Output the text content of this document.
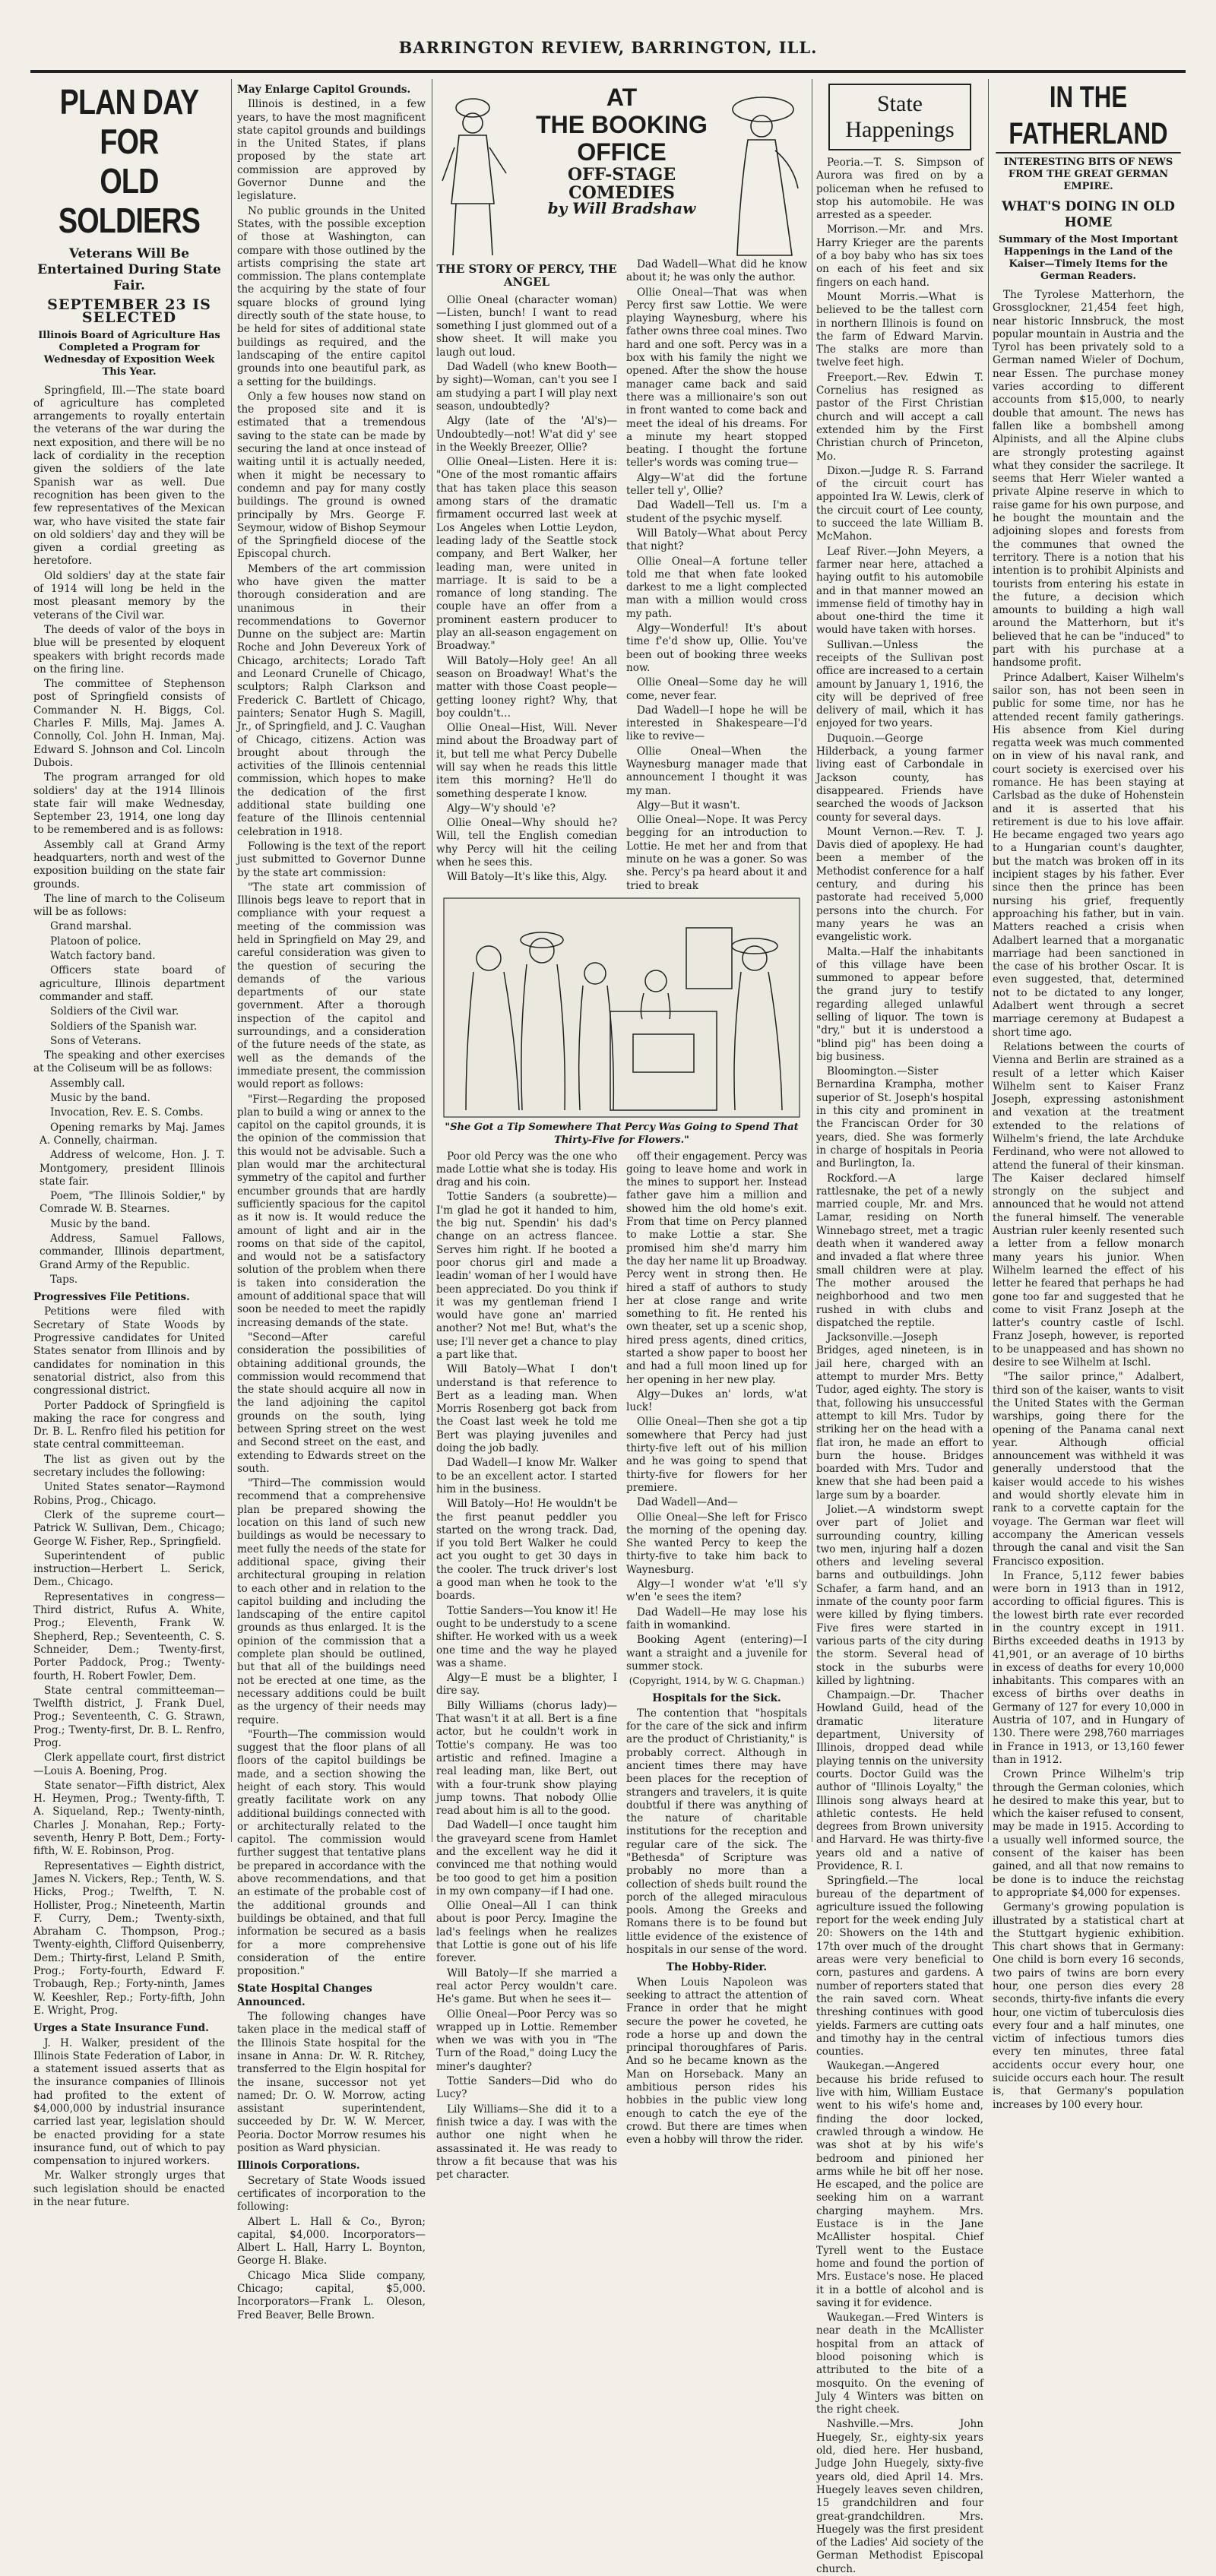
BARRINGTON REVIEW, BARRINGTON, ILL.
PLAN DAY FOR
OLD SOLDIERS
Veterans Will Be Entertained During State Fair.
SEPTEMBER 23 IS SELECTED
Illinois Board of Agriculture Has Completed a Program for Wednesday of Exposition Week This Year.

Springfield, Ill.—The state board of agriculture has completed arrangements to royally entertain the veterans of the war during the next exposition, and there will be no lack of cordiality in the reception given the soldiers of the late Spanish war as well. Due recognition has been given to the few representatives of the Mexican war, who have visited the state fair on old soldiers' day and they will be given a cordial greeting as heretofore.

Old soldiers' day at the state fair of 1914 will long be held in the most pleasant memory by the veterans of the Civil war.

The deeds of valor of the boys in blue will be presented by eloquent speakers with bright records made on the firing line.

The committee of Stephenson post of Springfield consists of Commander N. H. Biggs, Col. Charles F. Mills, Maj. James A. Connolly, Col. John H. Inman, Maj. Edward S. Johnson and Col. Lincoln Dubois.

The program arranged for old soldiers' day at the 1914 Illinois state fair will make Wednesday, September 23, 1914, one long day to be remembered and is as follows:

Assembly call at Grand Army headquarters, north and west of the exposition building on the state fair grounds.

The line of march to the Coliseum will be as follows:

Grand marshal.

Platoon of police.

Watch factory band.

Officers state board of agriculture, Illinois department commander and staff.

Soldiers of the Civil war.

Soldiers of the Spanish war.

Sons of Veterans.

The speaking and other exercises at the Coliseum will be as follows:

Assembly call.

Music by the band.

Invocation, Rev. E. S. Combs.

Opening remarks by Maj. James A. Connelly, chairman.

Address of welcome, Hon. J. T. Montgomery, president Illinois state fair.

Poem, "The Illinois Soldier," by Comrade W. B. Stearnes.

Music by the band.

Address, Samuel Fallows, commander, Illinois department, Grand Army of the Republic.

Taps.

Progressives File Petitions.

Petitions were filed with Secretary of State Woods by Progressive candidates for United States senator from Illinois and by candidates for nomination in this senatorial district, also from this congressional district.

Porter Paddock of Springfield is making the race for congress and Dr. B. L. Renfro filed his petition for state central committeeman.

The list as given out by the secretary includes the following:

United States senator—Raymond Robins, Prog., Chicago.

Clerk of the supreme court—Patrick W. Sullivan, Dem., Chicago; George W. Fisher, Rep., Springfield.

Superintendent of public instruction—Herbert L. Serick, Dem., Chicago.

Representatives in congress—Third district, Rufus A. White, Prog.; Eleventh, Frank W. Shepherd, Rep.; Seventeenth, C. S. Schneider, Dem.; Twenty-first, Porter Paddock, Prog.; Twenty-fourth, H. Robert Fowler, Dem.

State central committeeman—Twelfth district, J. Frank Duel, Prog.; Seventeenth, C. G. Strawn, Prog.; Twenty-first, Dr. B. L. Renfro, Prog.

Clerk appellate court, first district—Louis A. Boening, Prog.

State senator—Fifth district, Alex H. Heymen, Prog.; Twenty-fifth, T. A. Siqueland, Rep.; Twenty-ninth, Charles J. Monahan, Rep.; Forty-seventh, Henry P. Bott, Dem.; Forty-fifth, W. E. Robinson, Prog.

Representatives — Eighth district, James N. Vickers, Rep.; Tenth, W. S. Hicks, Prog.; Twelfth, T. N. Hollister, Prog.; Nineteenth, Martin F. Curry, Dem.; Twenty-sixth, Abraham C. Thompson, Prog.; Twenty-eighth, Clifford Quisenberry, Dem.; Thirty-first, Leland P. Smith, Prog.; Forty-fourth, Edward F. Trobaugh, Rep.; Forty-ninth, James W. Keeshler, Rep.; Forty-fifth, John E. Wright, Prog.

Urges a State Insurance Fund.

J. H. Walker, president of the Illinois State Federation of Labor, in a statement issued asserts that as the insurance companies of Illinois had profited to the extent of $4,000,000 by industrial insurance carried last year, legislation should be enacted providing for a state insurance fund, out of which to pay compensation to injured workers.

Mr. Walker strongly urges that such legislation should be enacted in the near future.

May Enlarge Capitol Grounds.

Illinois is destined, in a few years, to have the most magnificent state capitol grounds and buildings in the United States, if plans proposed by the state art commission are approved by Governor Dunne and the legislature.

No public grounds in the United States, with the possible exception of those at Washington, can compare with those outlined by the artists comprising the state art commission. The plans contemplate the acquiring by the state of four square blocks of ground lying directly south of the state house, to be held for sites of additional state buildings as required, and the landscaping of the entire capitol grounds into one beautiful park, as a setting for the buildings.

Only a few houses now stand on the proposed site and it is estimated that a tremendous saving to the state can be made by securing the land at once instead of waiting until it is actually needed, when it might be necessary to condemn and pay for many costly buildings. The ground is owned principally by Mrs. George F. Seymour, widow of Bishop Seymour of the Springfield diocese of the Episcopal church.

Members of the art commission who have given the matter thorough consideration and are unanimous in their recommendations to Governor Dunne on the subject are: Martin Roche and John Devereux York of Chicago, architects; Lorado Taft and Leonard Crunelle of Chicago, sculptors; Ralph Clarkson and Frederick C. Bartlett of Chicago, painters; Senator Hugh S. Magill, Jr., of Springfield, and J. C. Vaughan of Chicago, citizens. Action was brought about through the activities of the Illinois centennial commission, which hopes to make the dedication of the first additional state building one feature of the Illinois centennial celebration in 1918.

Following is the text of the report just submitted to Governor Dunne by the state art commission:

"The state art commission of Illinois begs leave to report that in compliance with your request a meeting of the commission was held in Springfield on May 29, and careful consideration was given to the question of securing the demands of the various departments of our state government. After a thorough inspection of the capitol and surroundings, and a consideration of the future needs of the state, as well as the demands of the immediate present, the commission would report as follows:

"First—Regarding the proposed plan to build a wing or annex to the capitol on the capitol grounds, it is the opinion of the commission that this would not be advisable. Such a plan would mar the architectural symmetry of the capitol and further encumber grounds that are hardly sufficiently spacious for the capitol as it now is. It would reduce the amount of light and air in the rooms on that side of the capitol, and would not be a satisfactory solution of the problem when there is taken into consideration the amount of additional space that will soon be needed to meet the rapidly increasing demands of the state.

"Second—After careful consideration the possibilities of obtaining additional grounds, the commission would recommend that the state should acquire all now in the land adjoining the capitol grounds on the south, lying between Spring street on the west and Second street on the east, and extending to Edwards street on the south.

"Third—The commission would recommend that a comprehensive plan be prepared showing the location on this land of such new buildings as would be necessary to meet fully the needs of the state for additional space, giving their architectural grouping in relation to each other and in relation to the capitol building and including the landscaping of the entire capitol grounds as thus enlarged. It is the opinion of the commission that a complete plan should be outlined, but that all of the buildings need not be erected at one time, as the necessary additions could be built as the urgency of their needs may require.

"Fourth—The commission would suggest that the floor plans of all floors of the capitol buildings be made, and a section showing the height of each story. This would greatly facilitate work on any additional buildings connected with or architecturally related to the capitol. The commission would further suggest that tentative plans be prepared in accordance with the above recommendations, and that an estimate of the probable cost of the additional grounds and buildings be obtained, and that full information be secured as a basis for a more comprehensive consideration of the entire proposition."

State Hospital Changes Announced.

The following changes have taken place in the medical staff of the Illinois State hospital for the insane in Anna: Dr. W. R. Ritchey, transferred to the Elgin hospital for the insane, successor not yet named; Dr. O. W. Morrow, acting assistant superintendent, succeeded by Dr. W. W. Mercer, Peoria. Doctor Morrow resumes his position as Ward physician.

Illinois Corporations.

Secretary of State Woods issued certificates of incorporation to the following:

Albert L. Hall & Co., Byron; capital, $4,000. Incorporators—Albert L. Hall, Harry L. Boynton, George H. Blake.

Chicago Mica Slide company, Chicago; capital, $5,000. Incorporators—Frank L. Oleson, Fred Beaver, Belle Brown.

AT
THE BOOKING
OFFICE
OFF-STAGE
COMEDIES
by Will Bradshaw
THE STORY OF PERCY, THE ANGEL

Ollie Oneal (character woman)—Listen, bunch! I want to read something I just glommed out of a show sheet. It will make you laugh out loud.

Dad Wadell (who knew Booth—by sight)—Woman, can't you see I am studying a part I will play next season, undoubtedly?

Algy (late of the 'Al's)—Undoubtedly—not! W'at did y' see in the Weekly Breezer, Ollie?

Ollie Oneal—Listen. Here it is: "One of the most romantic affairs that has taken place this season among stars of the dramatic firmament occurred last week at Los Angeles when Lottie Leydon, leading lady of the Seattle stock company, and Bert Walker, her leading man, were united in marriage. It is said to be a romance of long standing. The couple have an offer from a prominent eastern producer to play an all-season engagement on Broadway."

Will Batoly—Holy gee! An all season on Broadway! What's the matter with those Coast people—getting looney right? Why, that boy couldn't…

Ollie Oneal—Hist, Will. Never mind about the Broadway part of it, but tell me what Percy Dubelle will say when he reads this little item this morning? He'll do something desperate I know.

Algy—W'y should 'e?

Ollie Oneal—Why should he? Will, tell the English comedian why Percy will hit the ceiling when he sees this.

Will Batoly—It's like this, Algy.

Dad Wadell—What did he know about it; he was only the author.

Ollie Oneal—That was when Percy first saw Lottie. We were playing Waynesburg, where his father owns three coal mines. Two hard and one soft. Percy was in a box with his family the night we opened. After the show the house manager came back and said there was a millionaire's son out in front wanted to come back and meet the ideal of his dreams. For a minute my heart stopped beating. I thought the fortune teller's words was coming true—

Algy—W'at did the fortune teller tell y', Ollie?

Dad Wadell—Tell us. I'm a student of the psychic myself.

Will Batoly—What about Percy that night?

Ollie Oneal—A fortune teller told me that when fate looked darkest to me a light complected man with a million would cross my path.

Algy—Wonderful! It's about time f'e'd show up, Ollie. You've been out of booking three weeks now.

Ollie Oneal—Some day he will come, never fear.

Dad Wadell—I hope he will be interested in Shakespeare—I'd like to revive—

Ollie Oneal—When the Waynesburg manager made that announcement I thought it was my man.

Algy—But it wasn't.

Ollie Oneal—Nope. It was Percy begging for an introduction to Lottie. He met her and from that minute on he was a goner. So was she. Percy's pa heard about it and tried to break

"She Got a Tip Somewhere That Percy Was Going to Spend That Thirty-Five for Flowers."

Poor old Percy was the one who made Lottie what she is today. His drag and his coin.

Tottie Sanders (a soubrette)—I'm glad he got it handed to him, the big nut. Spendin' his dad's change on an actress flancee. Serves him right. If he booted a poor chorus girl and made a leadin' woman of her I would have been appreciated. Do you think if it was my gentleman friend I would have gone an' married another? Not me! But, what's the use; I'll never get a chance to play a part like that.

Will Batoly—What I don't understand is that reference to Bert as a leading man. When Morris Rosenberg got back from the Coast last week he told me Bert was playing juveniles and doing the job badly.

Dad Wadell—I know Mr. Walker to be an excellent actor. I started him in the business.

Will Batoly—Ho! He wouldn't be the first peanut peddler you started on the wrong track. Dad, if you told Bert Walker he could act you ought to get 30 days in the cooler. The truck driver's lost a good man when he took to the boards.

Tottie Sanders—You know it! He ought to be understudy to a scene shifter. He worked with us a week one time and the way he played was a shame.

Algy—E must be a blighter, I dire say.

Billy Williams (chorus lady)—That wasn't it at all. Bert is a fine actor, but he couldn't work in Tottie's company. He was too artistic and refined. Imagine a real leading man, like Bert, out with a four-trunk show playing jump towns. That nobody Ollie read about him is all to the good.

Dad Wadell—I once taught him the graveyard scene from Hamlet and the excellent way he did it convinced me that nothing would be too good to get him a position in my own company—if I had one.

Ollie Oneal—All I can think about is poor Percy. Imagine the lad's feelings when he realizes that Lottie is gone out of his life forever.

Will Batoly—If she married a real actor Percy wouldn't care. He's game. But when he sees it—

Ollie Oneal—Poor Percy was so wrapped up in Lottie. Remember when we was with you in "The Turn of the Road," doing Lucy the miner's daughter?

Tottie Sanders—Did who do Lucy?

Lily Williams—She did it to a finish twice a day. I was with the author one night when he assassinated it. He was ready to throw a fit because that was his pet character.

off their engagement. Percy was going to leave home and work in the mines to support her. Instead father gave him a million and showed him the old home's exit. From that time on Percy planned to make Lottie a star. She promised him she'd marry him the day her name lit up Broadway. Percy went in strong then. He hired a staff of authors to study her at close range and write something to fit. He rented his own theater, set up a scenic shop, hired press agents, dined critics, started a show paper to boost her and had a full moon lined up for her opening in her new play.

Algy—Dukes an' lords, w'at luck!

Ollie Oneal—Then she got a tip somewhere that Percy had just thirty-five left out of his million and he was going to spend that thirty-five for flowers for her premiere.

Dad Wadell—And—

Ollie Oneal—She left for Frisco the morning of the opening day. She wanted Percy to keep the thirty-five to take him back to Waynesburg.

Algy—I wonder w'at 'e'll s'y w'en 'e sees the item?

Dad Wadell—He may lose his faith in womankind.

Booking Agent (entering)—I want a straight and a juvenile for summer stock.

(Copyright, 1914, by W. G. Chapman.)
Hospitals for the Sick.

The contention that "hospitals for the care of the sick and infirm are the product of Christianity," is probably correct. Although in ancient times there may have been places for the reception of strangers and travelers, it is quite doubtful if there was anything of the nature of charitable institutions for the reception and regular care of the sick. The "Bethesda" of Scripture was probably no more than a collection of sheds built round the porch of the alleged miraculous pools. Among the Greeks and Romans there is to be found but little evidence of the existence of hospitals in our sense of the word.

The Hobby-Rider.

When Louis Napoleon was seeking to attract the attention of France in order that he might secure the power he coveted, he rode a horse up and down the principal thoroughfares of Paris. And so he became known as the Man on Horseback. Many an ambitious person rides his hobbies in the public view long enough to catch the eye of the crowd. But there are times when even a hobby will throw the rider.

State
Happenings

Peoria.—T. S. Simpson of Aurora was fired on by a policeman when he refused to stop his automobile. He was arrested as a speeder.

Morrison.—Mr. and Mrs. Harry Krieger are the parents of a boy baby who has six toes on each of his feet and six fingers on each hand.

Mount Morris.—What is believed to be the tallest corn in northern Illinois is found on the farm of Edward Marvin. The stalks are more than twelve feet high.

Freeport.—Rev. Edwin T. Cornelius has resigned as pastor of the First Christian church and will accept a call extended him by the First Christian church of Princeton, Mo.

Dixon.—Judge R. S. Farrand of the circuit court has appointed Ira W. Lewis, clerk of the circuit court of Lee county, to succeed the late William B. McMahon.

Leaf River.—John Meyers, a farmer near here, attached a haying outfit to his automobile and in that manner mowed an immense field of timothy hay in about one-third the time it would have taken with horses.

Sullivan.—Unless the receipts of the Sullivan post office are increased to a certain amount by January 1, 1916, the city will be deprived of free delivery of mail, which it has enjoyed for two years.

Duquoin.—George Hilderback, a young farmer living east of Carbondale in Jackson county, has disappeared. Friends have searched the woods of Jackson county for several days.

Mount Vernon.—Rev. T. J. Davis died of apoplexy. He had been a member of the Methodist conference for a half century, and during his pastorate had received 5,000 persons into the church. For many years he was an evangelistic work.

Malta.—Half the inhabitants of this village have been summoned to appear before the grand jury to testify regarding alleged unlawful selling of liquor. The town is "dry," but it is understood a "blind pig" has been doing a big business.

Bloomington.—Sister Bernardina Krampha, mother superior of St. Joseph's hospital in this city and prominent in the Franciscan Order for 30 years, died. She was formerly in charge of hospitals in Peoria and Burlington, Ia.

Rockford.—A large rattlesnake, the pet of a newly married couple, Mr. and Mrs. Lamar, residing on North Winnebago street, met a tragic death when it wandered away and invaded a flat where three small children were at play. The mother aroused the neighborhood and two men rushed in with clubs and dispatched the reptile.

Jacksonville.—Joseph Bridges, aged nineteen, is in jail here, charged with an attempt to murder Mrs. Betty Tudor, aged eighty. The story is that, following his unsuccessful attempt to kill Mrs. Tudor by striking her on the head with a flat iron, he made an effort to burn the house. Bridges boarded with Mrs. Tudor and knew that she had been paid a large sum by a boarder.

Joliet.—A windstorm swept over part of Joliet and surrounding country, killing two men, injuring half a dozen others and leveling several barns and outbuildings. John Schafer, a farm hand, and an inmate of the county poor farm were killed by flying timbers. Five fires were started in various parts of the city during the storm. Several head of stock in the suburbs were killed by lightning.

Champaign.—Dr. Thacher Howland Guild, head of the dramatic literature department, University of Illinois, dropped dead while playing tennis on the university courts. Doctor Guild was the author of "Illinois Loyalty," the Illinois song always heard at athletic contests. He held degrees from Brown university and Harvard. He was thirty-five years old and a native of Providence, R. I.

Springfield.—The local bureau of the department of agriculture issued the following report for the week ending July 20: Showers on the 14th and 17th over much of the drought areas were very beneficial to corn, pastures and gardens. A number of reporters stated that the rain saved corn. Wheat threshing continues with good yields. Farmers are cutting oats and timothy hay in the central counties.

Waukegan.—Angered because his bride refused to live with him, William Eustace went to his wife's home and, finding the door locked, crawled through a window. He was shot at by his wife's bedroom and pinioned her arms while he bit off her nose. He escaped, and the police are seeking him on a warrant charging mayhem. Mrs. Eustace is in the Jane McAllister hospital. Chief Tyrell went to the Eustace home and found the portion of Mrs. Eustace's nose. He placed it in a bottle of alcohol and is saving it for evidence.

Waukegan.—Fred Winters is near death in the McAllister hospital from an attack of blood poisoning which is attributed to the bite of a mosquito. On the evening of July 4 Winters was bitten on the right cheek.

Nashville.—Mrs. John Huegely, Sr., eighty-six years old, died here. Her husband, Judge John Huegely, sixty-five years old, died April 14. Mrs. Huegely leaves seven children, 15 grandchildren and four great-grandchildren. Mrs. Huegely was the first president of the Ladies' Aid society of the German Methodist Episcopal church.

IN THE FATHERLAND
INTERESTING BITS OF NEWS FROM THE GREAT GERMAN EMPIRE.
WHAT'S DOING IN OLD HOME
Summary of the Most Important Happenings in the Land of the Kaiser—Timely Items for the German Readers.

The Tyrolese Matterhorn, the Grossglockner, 21,454 feet high, near historic Innsbruck, the most popular mountain in Austria and the Tyrol has been privately sold to a German named Wieler of Dochum, near Essen. The purchase money varies according to different accounts from $15,000, to nearly double that amount. The news has fallen like a bombshell among Alpinists, and all the Alpine clubs are strongly protesting against what they consider the sacrilege. It seems that Herr Wieler wanted a private Alpine reserve in which to raise game for his own purpose, and he bought the mountain and the adjoining slopes and forests from the communes that owned the territory. There is a notion that his intention is to prohibit Alpinists and tourists from entering his estate in the future, a decision which amounts to building a high wall around the Matterhorn, but it's believed that he can be "induced" to part with his purchase at a handsome profit.

Prince Adalbert, Kaiser Wilhelm's sailor son, has not been seen in public for some time, nor has he attended recent family gatherings. His absence from Kiel during regatta week was much commented on in view of his naval rank, and court society is exercised over his romance. He has been staying at Carlsbad as the duke of Hohenstein and it is asserted that his retirement is due to his love affair. He became engaged two years ago to a Hungarian count's daughter, but the match was broken off in its incipient stages by his father. Ever since then the prince has been nursing his grief, frequently approaching his father, but in vain. Matters reached a crisis when Adalbert learned that a morganatic marriage had been sanctioned in the case of his brother Oscar. It is even suggested, that, determined not to be dictated to any longer, Adalbert went through a secret marriage ceremony at Budapest a short time ago.

Relations between the courts of Vienna and Berlin are strained as a result of a letter which Kaiser Wilhelm sent to Kaiser Franz Joseph, expressing astonishment and vexation at the treatment extended to the relations of Wilhelm's friend, the late Archduke Ferdinand, who were not allowed to attend the funeral of their kinsman. The Kaiser declared himself strongly on the subject and announced that he would not attend the funeral himself. The venerable Austrian ruler keenly resented such a letter from a fellow monarch many years his junior. When Wilhelm learned the effect of his letter he feared that perhaps he had gone too far and suggested that he come to visit Franz Joseph at the latter's country castle of Ischl. Franz Joseph, however, is reported to be unappeased and has shown no desire to see Wilhelm at Ischl.

"The sailor prince," Adalbert, third son of the kaiser, wants to visit the United States with the German warships, going there for the opening of the Panama canal next year. Although official announcement was withheld it was generally understood that the kaiser would accede to his wishes and would shortly elevate him in rank to a corvette captain for the voyage. The German war fleet will accompany the American vessels through the canal and visit the San Francisco exposition.

In France, 5,112 fewer babies were born in 1913 than in 1912, according to official figures. This is the lowest birth rate ever recorded in the country except in 1911. Births exceeded deaths in 1913 by 41,901, or an average of 10 births in excess of deaths for every 10,000 inhabitants. This compares with an excess of births over deaths in Germany of 127 for every 10,000 in Austria of 107, and in Hungary of 130. There were 298,760 marriages in France in 1913, or 13,160 fewer than in 1912.

Crown Prince Wilhelm's trip through the German colonies, which he desired to make this year, but to which the kaiser refused to consent, may be made in 1915. According to a usually well informed source, the consent of the kaiser has been gained, and all that now remains to be done is to induce the reichstag to appropriate $4,000 for expenses.

Germany's growing population is illustrated by a statistical chart at the Stuttgart hygienic exhibition. This chart shows that in Germany: One child is born every 16 seconds, two pairs of twins are born every hour, one person dies every 28 seconds, thirty-five infants die every hour, one victim of tuberculosis dies every four and a half minutes, one victim of infectious tumors dies every ten minutes, three fatal accidents occur every hour, one suicide occurs each hour. The result is, that Germany's population increases by 100 every hour.
